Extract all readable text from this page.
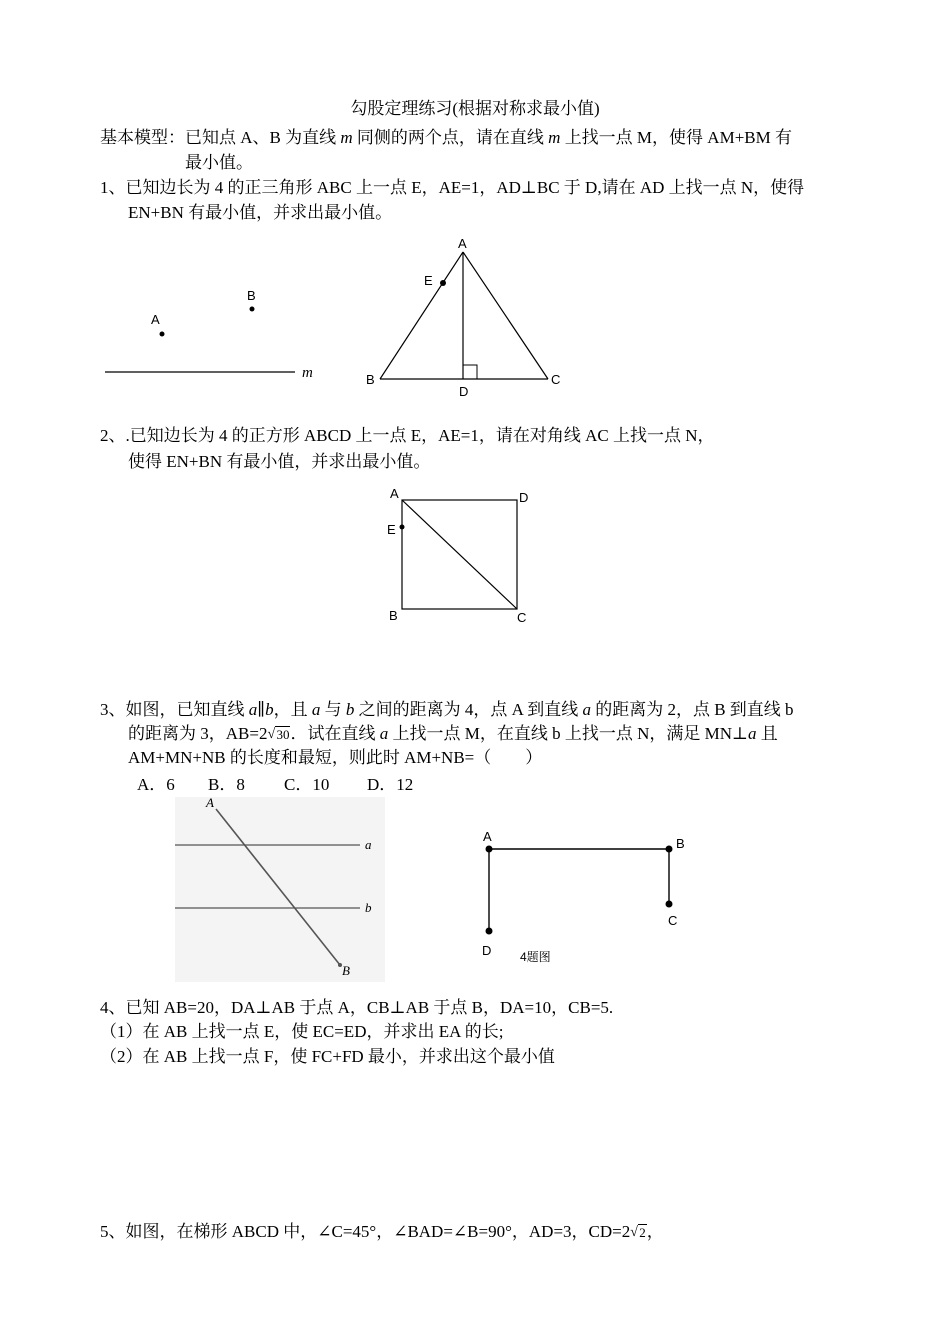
勾股定理练习(根据对称求最小值)
基本模型：已知点 A、B 为直线 m 同侧的两个点，请在直线 m 上找一点 M，使得 AM+BM 有
最小值。
1、已知边长为 4 的正三角形 ABC 上一点 E，AE=1，AD⊥BC 于 D,请在 AD 上找一点 N，使得
EN+BN 有最小值，并求出最小值。
A
B
m
A
E
B	C
D
2、.已知边长为 4 的正方形 ABCD 上一点 E，AE=1，请在对角线 AC 上找一点 N，
使得 EN+BN 有最小值，并求出最小值。
A	D
E
B	C
3、如图，已知直线 a∥b，且 a 与 b 之间的距离为 4，点 A 到直线 a 的距离为 2，点 B 到直线 b
的距离为 3，AB=2 √ 30．试在直线 a 上找一点 M，在直线 b 上找一点 N，满足 MN⊥a 且
AM+MN+NB 的长度和最短，则此时 AM+NB=（　　）
A．6 B．8 C．10 D．12
a
b
A
B
A	B
C
D 4题图
4、已知 AB=20，DA⊥AB 于点 A，CB⊥AB 于点 B，DA=10，CB=5.
（1）在 AB 上找一点 E，使 EC=ED，并求出 EA 的长;
（2）在 AB 上找一点 F，使 FC+FD 最小，并求出这个最小值
5、如图，在梯形 ABCD 中，∠C=45°，∠BAD=∠B=90°，AD=3，CD=2 √ 2，
